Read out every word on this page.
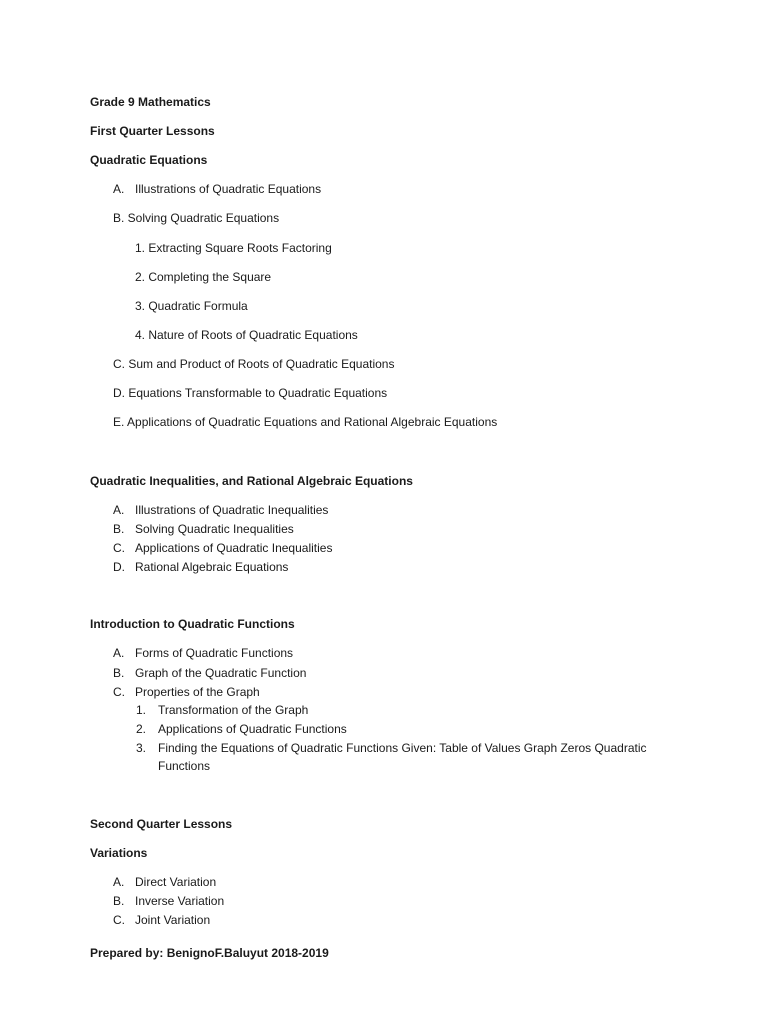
Grade 9 Mathematics
First Quarter Lessons
Quadratic Equations
A. Illustrations of Quadratic Equations
B. Solving Quadratic Equations
1. Extracting Square Roots Factoring
2. Completing the Square
3. Quadratic Formula
4. Nature of Roots of Quadratic Equations
C. Sum and Product of Roots of Quadratic Equations
D. Equations Transformable to Quadratic Equations
E. Applications of Quadratic Equations and Rational Algebraic Equations
Quadratic Inequalities, and Rational Algebraic Equations
A. Illustrations of Quadratic Inequalities
B. Solving Quadratic Inequalities
C. Applications of Quadratic Inequalities
D. Rational Algebraic Equations
Introduction to Quadratic Functions
A. Forms of Quadratic Functions
B. Graph of the Quadratic Function
C. Properties of the Graph
1. Transformation of the Graph
2. Applications of Quadratic Functions
3. Finding the Equations of Quadratic Functions Given: Table of Values Graph Zeros Quadratic
Functions
Second Quarter Lessons
Variations
A. Direct Variation
B. Inverse Variation
C. Joint Variation
Prepared by: BenignoF.Baluyut 2018-2019
